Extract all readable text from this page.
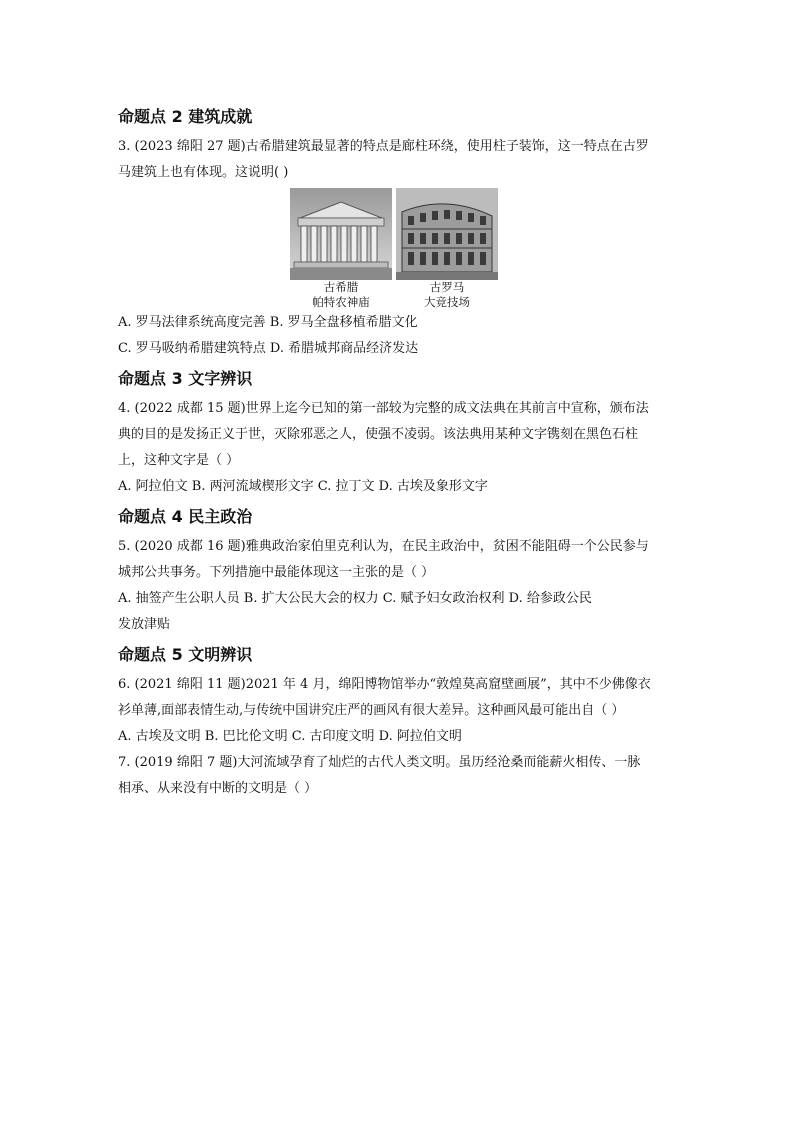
命题点 2 建筑成就

3. (2023 绵阳 27 题)古希腊建筑最显著的特点是廊柱环绕，使用柱子装饰，这一特点在古罗

马建筑上也有体现。这说明( )

古希腊
帕特农神庙
古罗马
大竞技场

A. 罗马法律系统高度完善 B. 罗马全盘移植希腊文化

C. 罗马吸纳希腊建筑特点 D. 希腊城邦商品经济发达

命题点 3 文字辨识

4. (2022 成都 15 题)世界上迄今已知的第一部较为完整的成文法典在其前言中宣称，颁布法

典的目的是发扬正义于世，灭除邪恶之人，使强不凌弱。该法典用某种文字镌刻在黑色石柱

上，这种文字是（ ）

A. 阿拉伯文 B. 两河流域楔形文字 C. 拉丁文 D. 古埃及象形文字

命题点 4 民主政治

5. (2020 成都 16 题)雅典政治家伯里克利认为，在民主政治中，贫困不能阻碍一个公民参与

城邦公共事务。下列措施中最能体现这一主张的是（ ）

A. 抽签产生公职人员 B. 扩大公民大会的权力 C. 赋予妇女政治权利 D. 给参政公民

发放津贴

命题点 5 文明辨识

6. (2021 绵阳 11 题)2021 年 4 月，绵阳博物馆举办“敦煌莫高窟壁画展”，其中不少佛像衣

衫单薄,面部表情生动,与传统中国讲究庄严的画风有很大差异。这种画风最可能出自（ ）

A. 古埃及文明 B. 巴比伦文明 C. 古印度文明 D. 阿拉伯文明

7. (2019 绵阳 7 题)大河流域孕育了灿烂的古代人类文明。虽历经沧桑而能薪火相传、一脉

相承、从来没有中断的文明是（ ）
